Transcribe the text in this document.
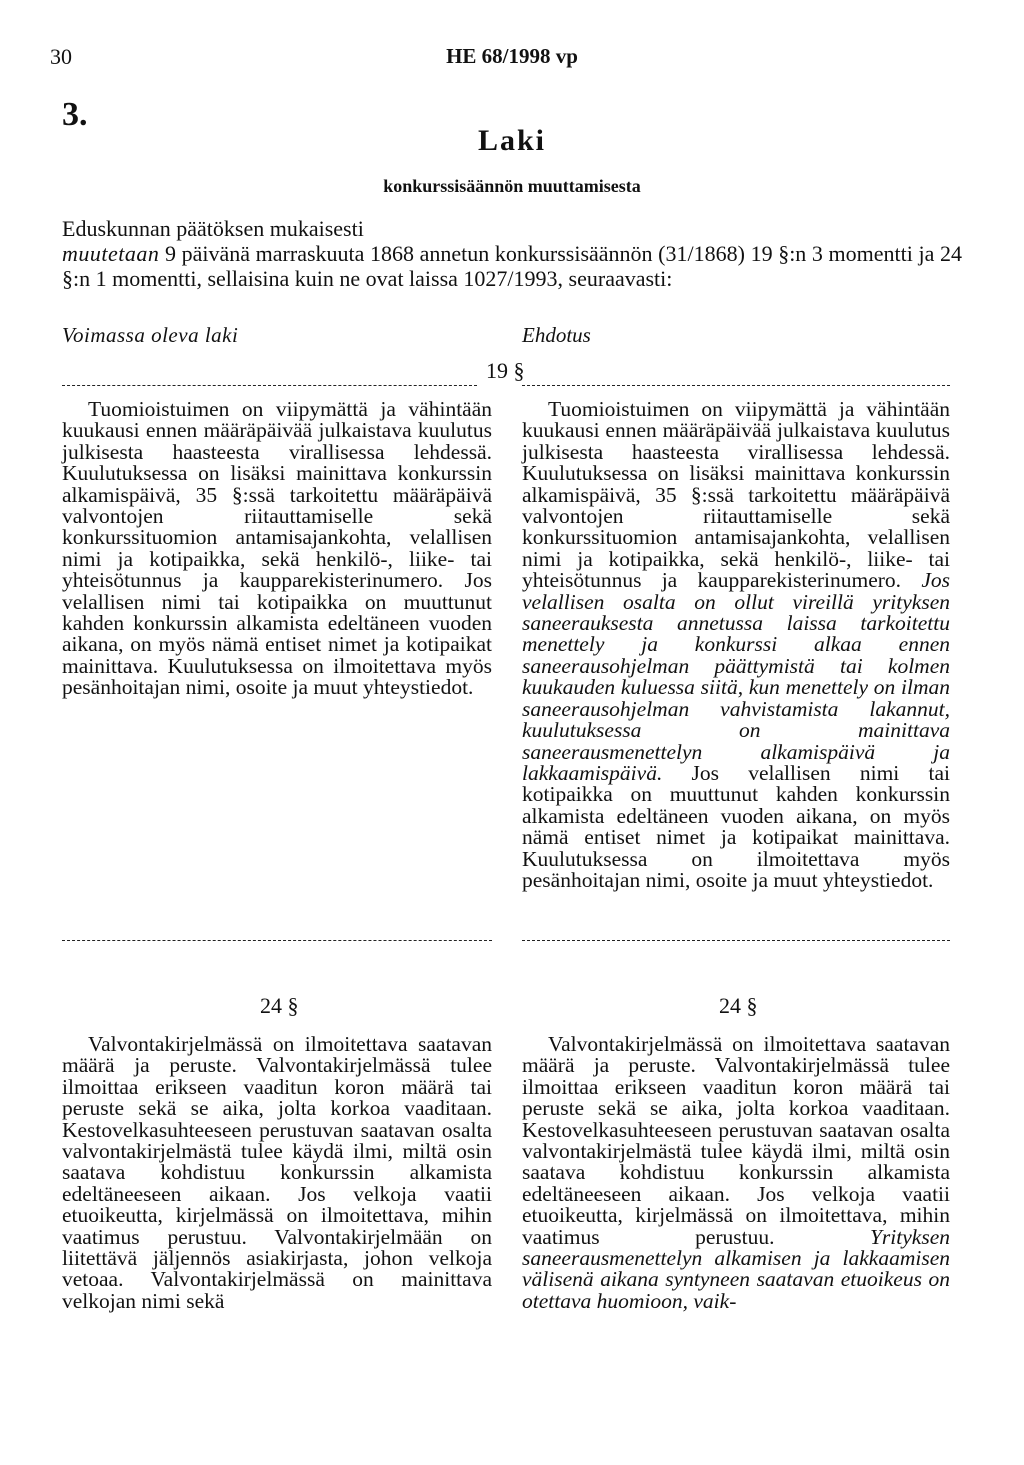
30	HE 68/1998 vp
3.
Laki
konkurssisäännön muuttamisesta
Eduskunnan päätöksen mukaisesti
muutetaan 9 päivänä marraskuuta 1868 annetun konkurssisäännön (31/1868) 19 §:n 3 momentti ja 24 §:n 1 momentti, sellaisina kuin ne ovat laissa 1027/1993, seuraavasti:
Voimassa oleva laki	Ehdotus
19 §

Tuomioistuimen on viipymättä ja vähintään kuukausi ennen määräpäivää julkaistava kuulutus julkisesta haasteesta virallisessa lehdessä. Kuulutuksessa on lisäksi mainittava konkurssin alkamispäivä, 35 §:ssä tarkoitettu määräpäivä valvontojen riitauttamiselle sekä konkurssituomion antamisajankohta, velallisen nimi ja kotipaikka, sekä henkilö-, liike- tai yhteisötunnus ja kaupparekisterinumero. Jos velallisen nimi tai kotipaikka on muuttunut kahden konkurssin alkamista edeltäneen vuoden aikana, on myös nämä entiset nimet ja kotipaikat mainittava. Kuulutuksessa on ilmoitettava myös pesänhoitajan nimi, osoite ja muut yhteystiedot.

Tuomioistuimen on viipymättä ja vähintään kuukausi ennen määräpäivää julkaistava kuulutus julkisesta haasteesta virallisessa lehdessä. Kuulutuksessa on lisäksi mainittava konkurssin alkamispäivä, 35 §:ssä tarkoitettu määräpäivä valvontojen riitauttamiselle sekä konkurssituomion antamisajankohta, velallisen nimi ja kotipaikka, sekä henkilö-, liike- tai yhteisötunnus ja kaupparekisterinumero. Jos velallisen osalta on ollut vireillä yrityksen saneerauksesta annetussa laissa tarkoitettu menettely ja konkurssi alkaa ennen saneerausohjelman päättymistä tai kolmen kuukauden kuluessa siitä, kun menettely on ilman saneerausohjelman vahvistamista lakannut, kuulutuksessa on mainittava saneerausmenettelyn alkamispäivä ja lakkaamispäivä. Jos velallisen nimi tai kotipaikka on muuttunut kahden konkurssin alkamista edeltäneen vuoden aikana, on myös nämä entiset nimet ja kotipaikat mainittava. Kuulutuksessa on ilmoitettava myös pesänhoitajan nimi, osoite ja muut yhteystiedot.

24 §	24 §

Valvontakirjelmässä on ilmoitettava saatavan määrä ja peruste. Valvontakirjelmässä tulee ilmoittaa erikseen vaaditun koron määrä tai peruste sekä se aika, jolta korkoa vaaditaan. Kestovelkasuhteeseen perustuvan saatavan osalta valvontakirjelmästä tulee käydä ilmi, miltä osin saatava kohdistuu konkurssin alkamista edeltäneeseen aikaan. Jos velkoja vaatii etuoikeutta, kirjelmässä on ilmoitettava, mihin vaatimus perustuu. Valvontakirjelmään on liitettävä jäljennös asiakirjasta, johon velkoja vetoaa. Valvontakirjelmässä on mainittava velkojan nimi sekä

Valvontakirjelmässä on ilmoitettava saatavan määrä ja peruste. Valvontakirjelmässä tulee ilmoittaa erikseen vaaditun koron määrä tai peruste sekä se aika, jolta korkoa vaaditaan. Kestovelkasuhteeseen perustuvan saatavan osalta valvontakirjelmästä tulee käydä ilmi, miltä osin saatava kohdistuu konkurssin alkamista edeltäneeseen aikaan. Jos velkoja vaatii etuoikeutta, kirjelmässä on ilmoitettava, mihin vaatimus perustuu. Yrityksen saneerausmenettelyn alkamisen ja lakkaamisen välisenä aikana syntyneen saatavan etuoikeus on otettava huomioon, vaik-
